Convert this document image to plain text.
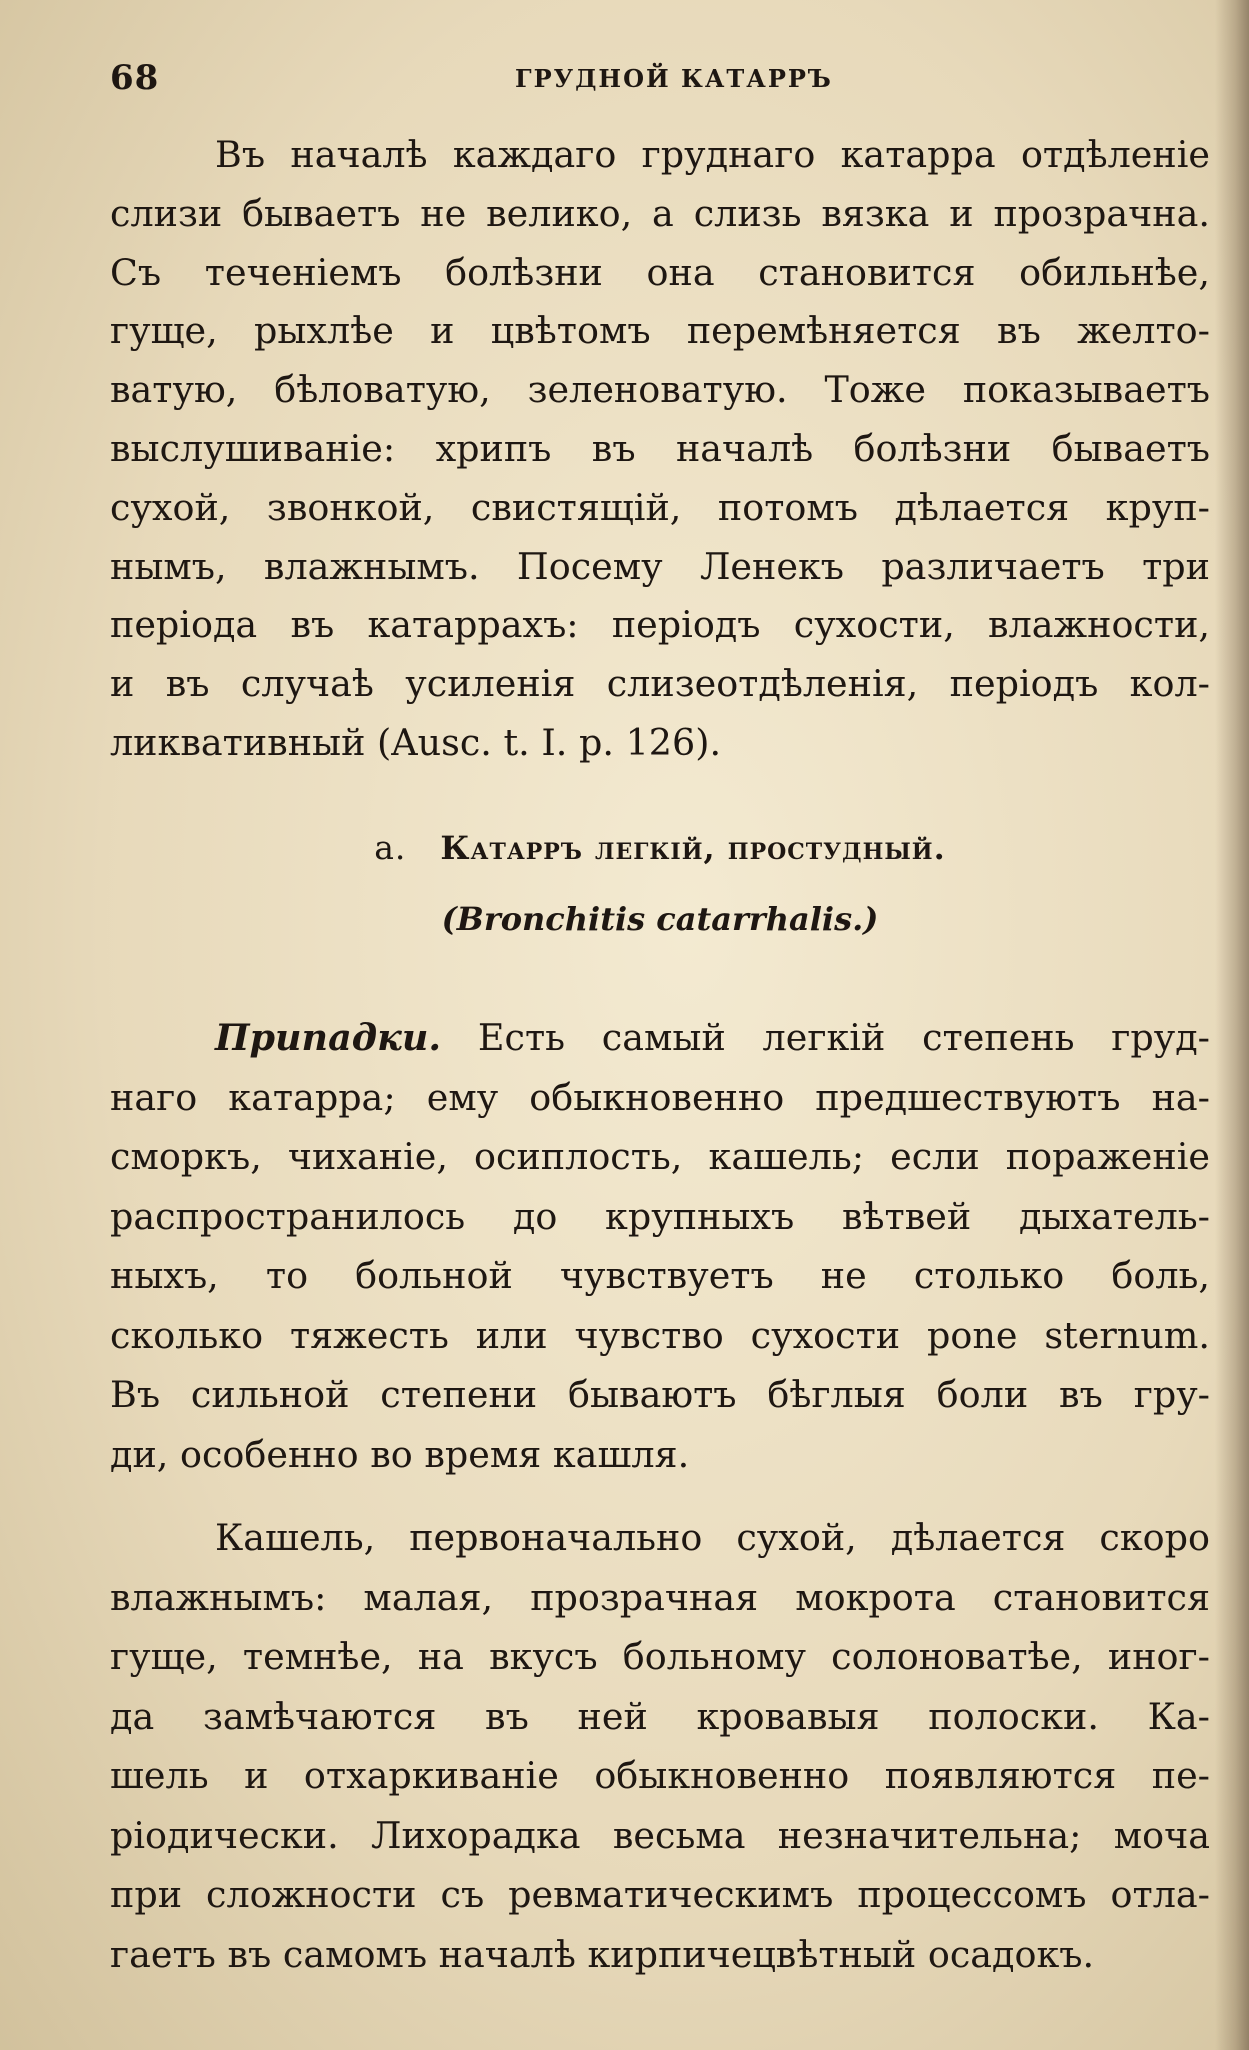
68	ГРУДНОЙ КАТАРРЪ
Въ началѣ каждаго груднаго катарра отдѣленіе
слизи бываетъ не велико, а слизь вязка и прозрачна.
Съ теченіемъ болѣзни она становится обильнѣе,
гуще, рыхлѣе и цвѣтомъ перемѣняется въ желто-
ватую, бѣловатую, зеленоватую. Тоже показываетъ
выслушиваніе: хрипъ въ началѣ болѣзни бываетъ
сухой, звонкой, свистящій, потомъ дѣлается круп-
нымъ, влажнымъ. Посему Ленекъ различаетъ три
періода въ катаррахъ: періодъ сухости, влажности,
и въ случаѣ усиленія слизеотдѣленія, періодъ кол-
ликвативный (Ausc. t. I. p. 126).
а. Катарръ легкій, простудный.
(Bronchitis catarrhalis.)
Припадки. Есть самый легкій степень груд-
наго катарра; ему обыкновенно предшествуютъ на-
сморкъ, чиханіе, осиплость, кашель; если пораженіе
распространилось до крупныхъ вѣтвей дыхатель-
ныхъ, то больной чувствуетъ не столько боль,
сколько тяжесть или чувство сухости pone sternum.
Въ сильной степени бываютъ бѣглыя боли въ гру-
ди, особенно во время кашля.
Кашель, первоначально сухой, дѣлается скоро
влажнымъ: малая, прозрачная мокрота становится
гуще, темнѣе, на вкусъ больному солоноватѣе, иног-
да замѣчаются въ ней кровавыя полоски. Ка-
шель и отхаркиваніе обыкновенно появляются пе-
ріодически. Лихорадка весьма незначительна; моча
при сложности съ ревматическимъ процессомъ отла-
гаетъ въ самомъ началѣ кирпичецвѣтный осадокъ.
